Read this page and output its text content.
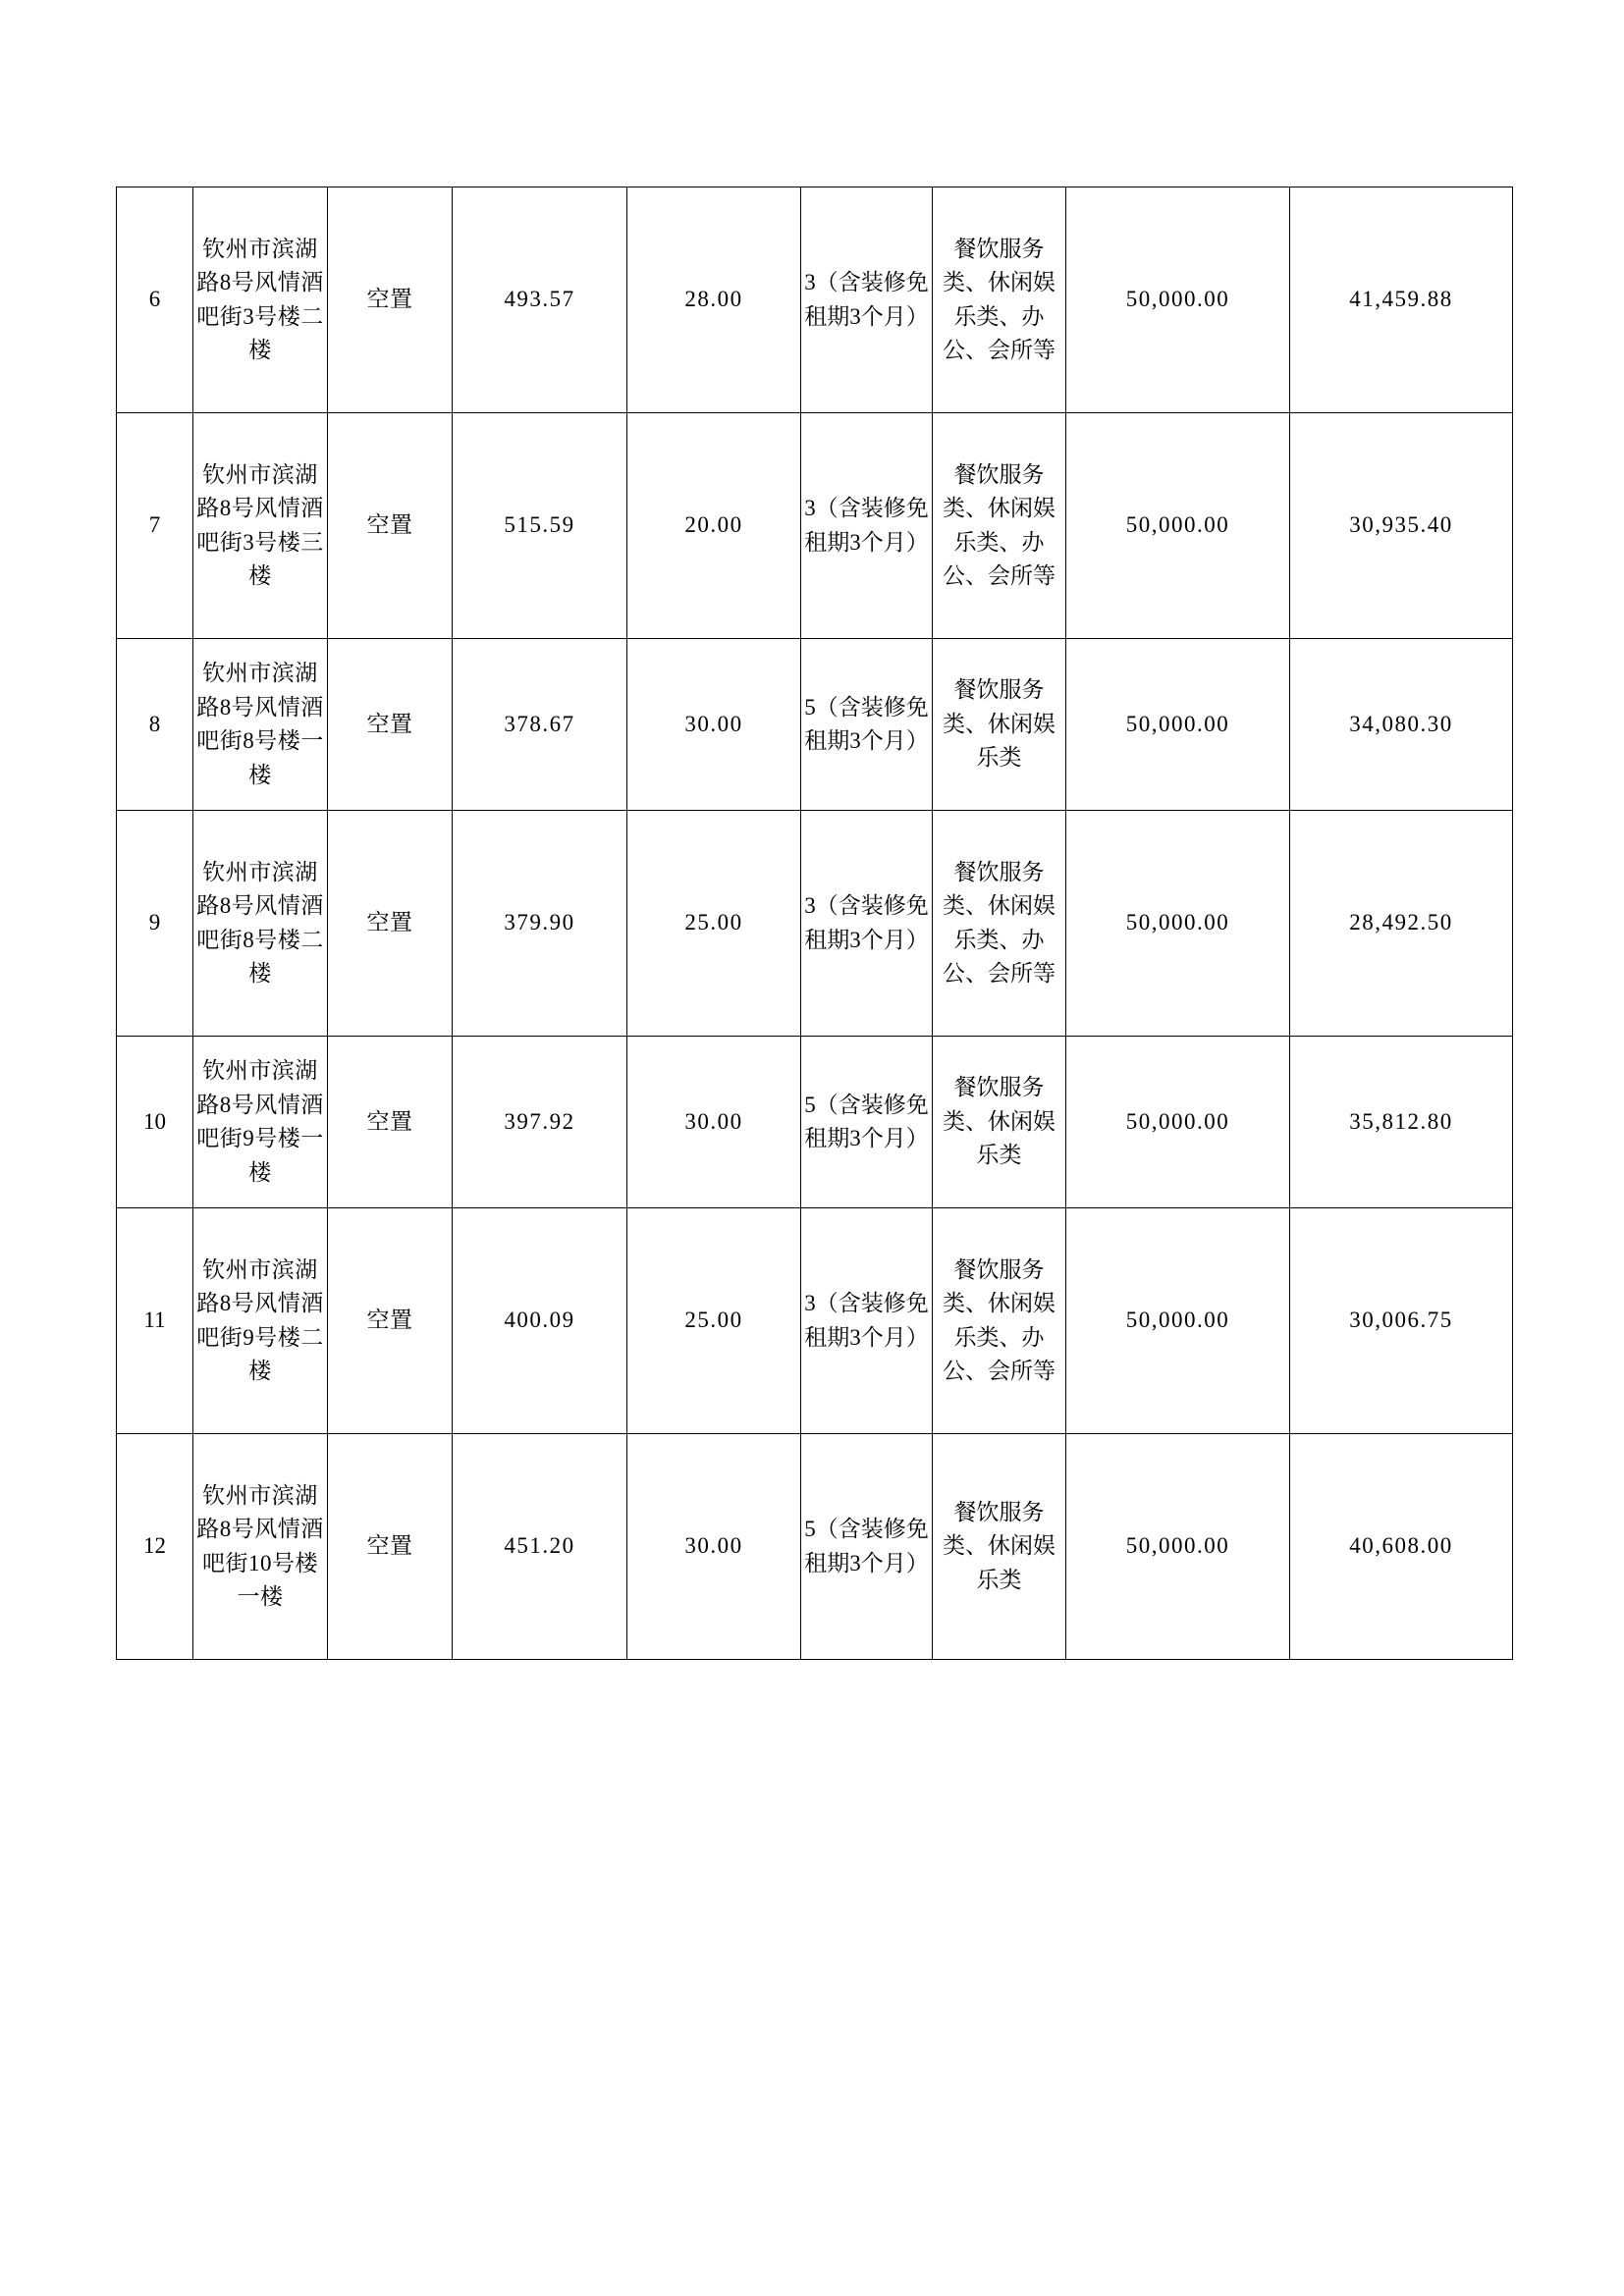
6	钦州市滨湖路8号风情酒吧街3号楼二楼	空置	493.57	28.00	3（含装修免租期3个月）	餐饮服务类、休闲娱乐类、办公、会所等	50,000.00	41,459.88
7	钦州市滨湖路8号风情酒吧街3号楼三楼	空置	515.59	20.00	3（含装修免租期3个月）	餐饮服务类、休闲娱乐类、办公、会所等	50,000.00	30,935.40
8	钦州市滨湖路8号风情酒吧街8号楼一楼	空置	378.67	30.00	5（含装修免租期3个月）	餐饮服务类、休闲娱乐类	50,000.00	34,080.30
9	钦州市滨湖路8号风情酒吧街8号楼二楼	空置	379.90	25.00	3（含装修免租期3个月）	餐饮服务类、休闲娱乐类、办公、会所等	50,000.00	28,492.50
10	钦州市滨湖路8号风情酒吧街9号楼一楼	空置	397.92	30.00	5（含装修免租期3个月）	餐饮服务类、休闲娱乐类	50,000.00	35,812.80
11	钦州市滨湖路8号风情酒吧街9号楼二楼	空置	400.09	25.00	3（含装修免租期3个月）	餐饮服务类、休闲娱乐类、办公、会所等	50,000.00	30,006.75
12	钦州市滨湖路8号风情酒吧街10号楼一楼	空置	451.20	30.00	5（含装修免租期3个月）	餐饮服务类、休闲娱乐类	50,000.00	40,608.00
